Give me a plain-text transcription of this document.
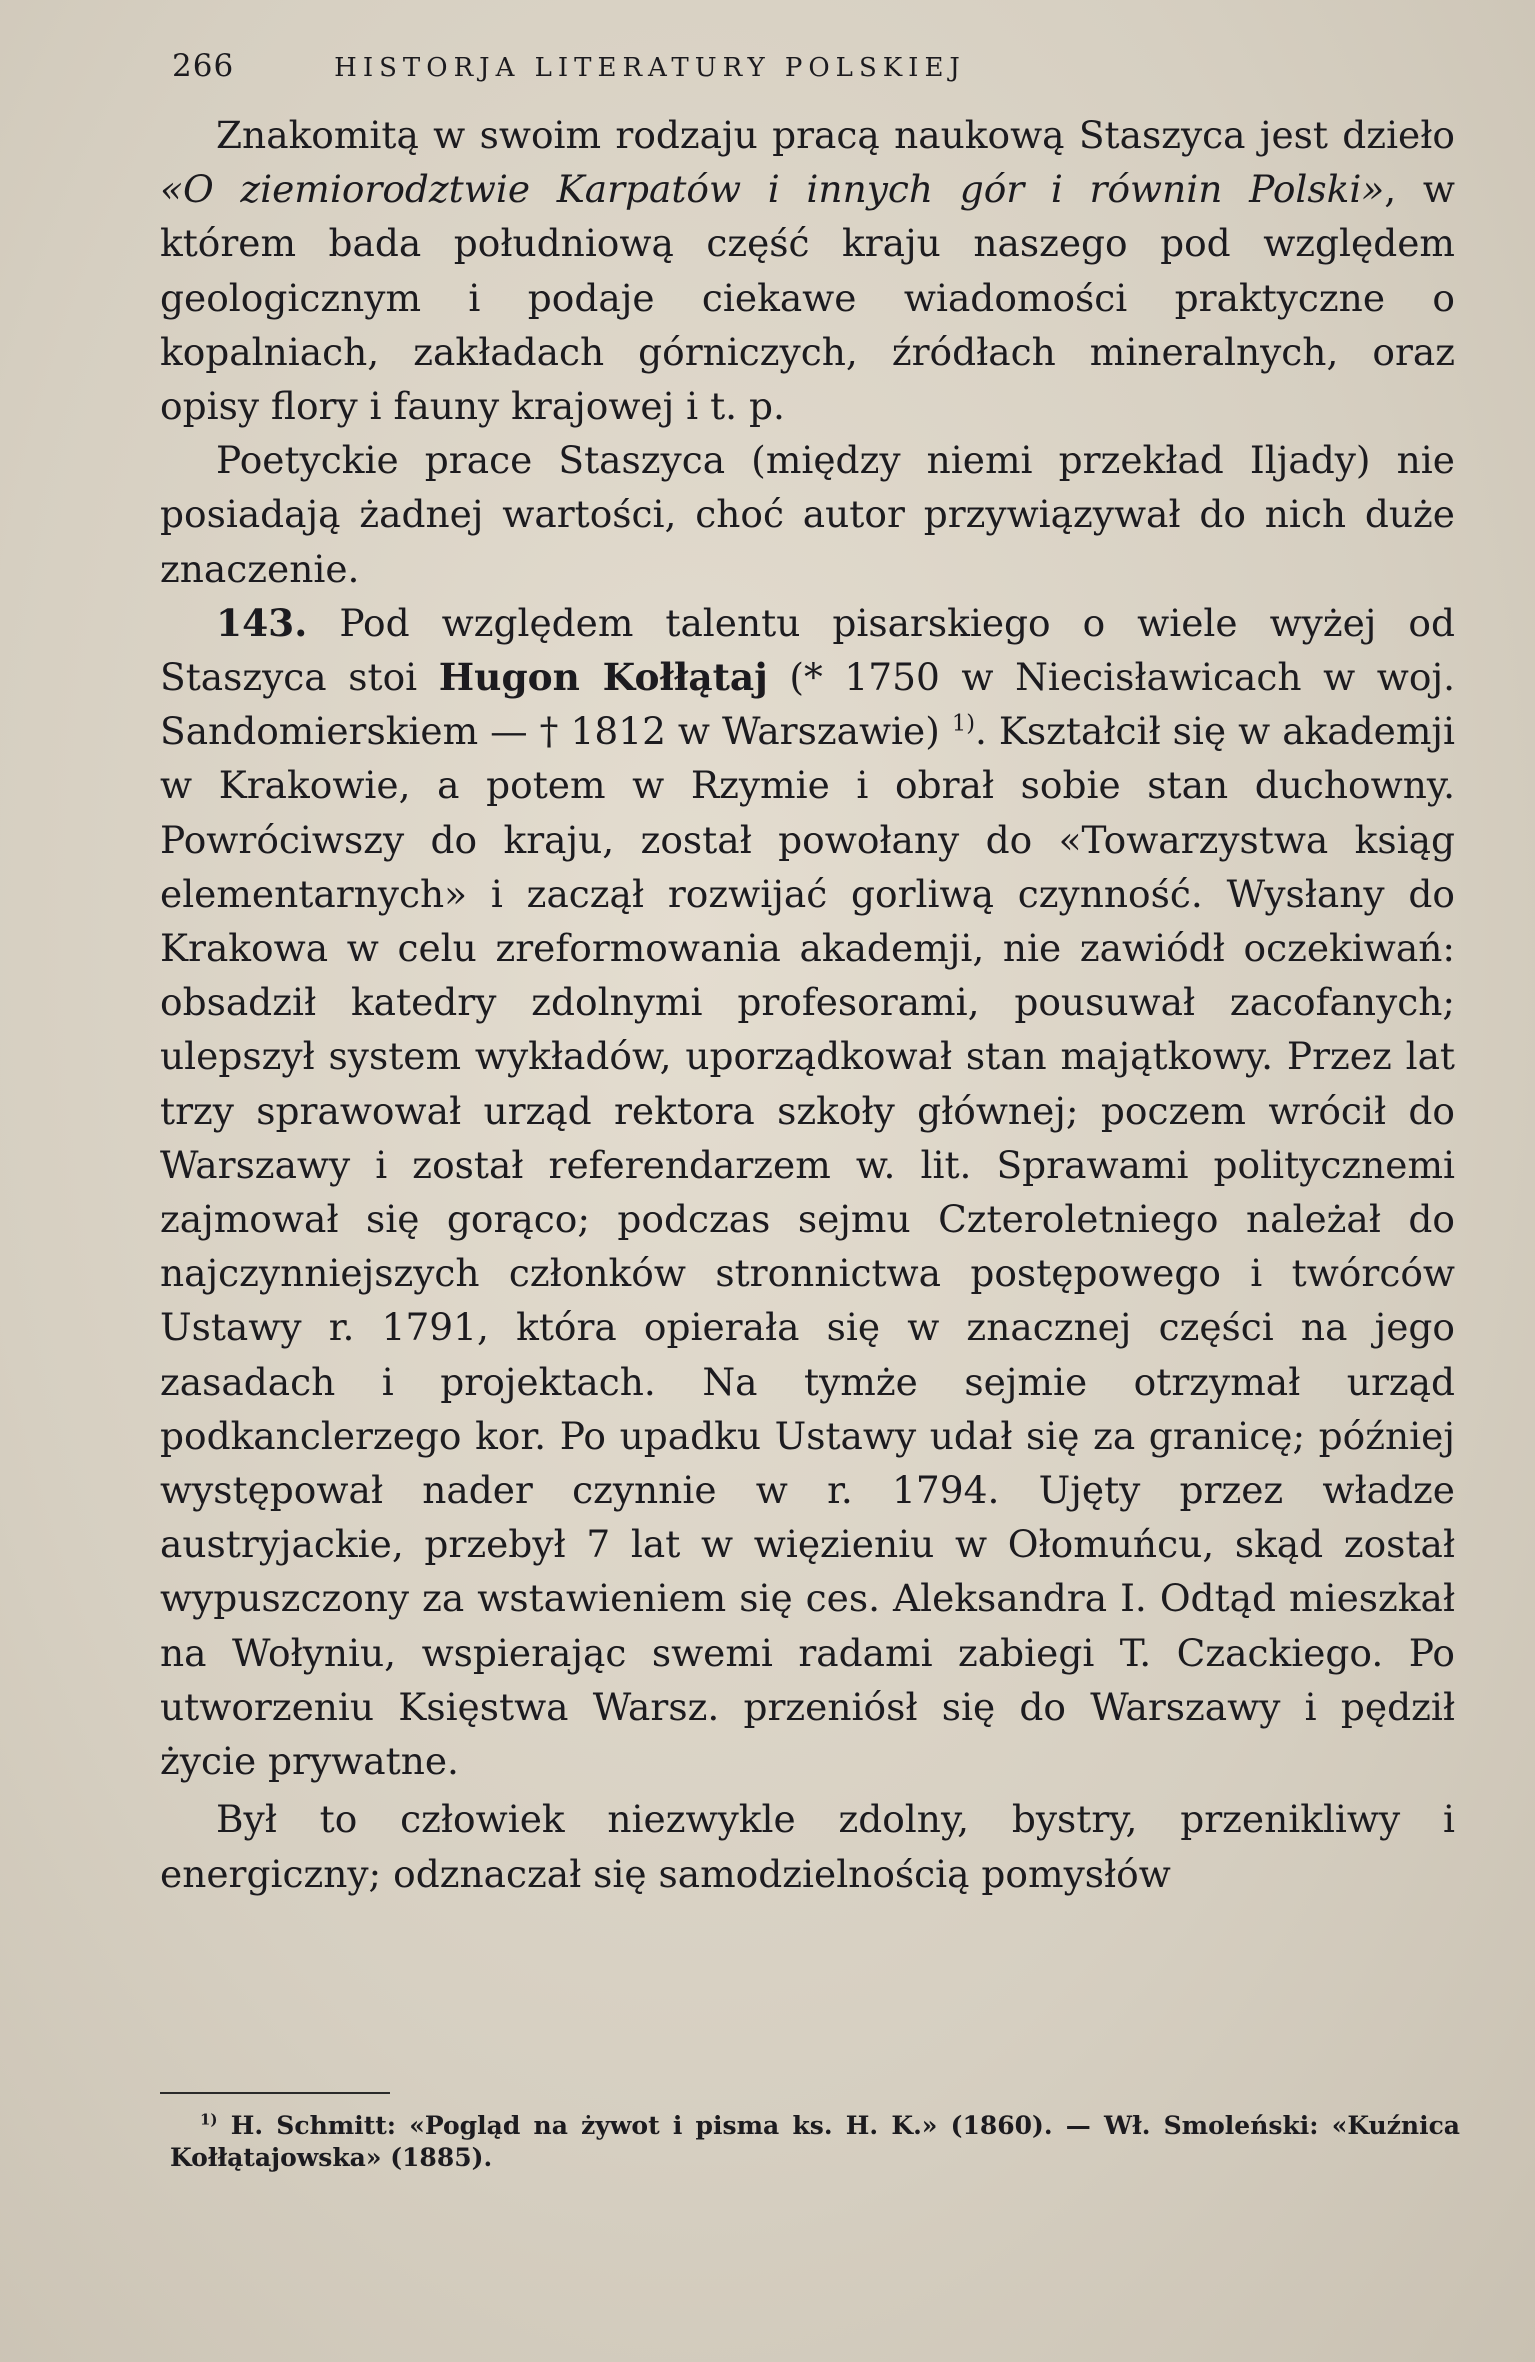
266	HISTORJA LITERATURY POLSKIEJ

Znakomitą w swoim rodzaju pracą naukową Staszyca jest dzieło «O ziemiorodztwie Karpatów i innych gór i równin Polski», w którem bada południową część kraju naszego pod względem geologicznym i podaje ciekawe wiadomości praktyczne o kopalniach, zakładach górniczych, źródłach mineralnych, oraz opisy flory i fauny krajowej i t. p.

Poetyckie prace Staszyca (między niemi przekład Iljady) nie posiadają żadnej wartości, choć autor przywiązywał do nich duże znaczenie.

143. Pod względem talentu pisarskiego o wiele wyżej od Staszyca stoi Hugon Kołłątaj (* 1750 w Niecisławicach w woj. Sandomierskiem — † 1812 w Warszawie) $^{1)}$. Kształcił się w akademji w Krakowie, a potem w Rzymie i obrał sobie stan duchowny. Powróciwszy do kraju, został powołany do «Towarzystwa ksiąg elementarnych» i zaczął rozwijać gorliwą czynność. Wysłany do Krakowa w celu zreformowania akademji, nie zawiódł oczekiwań: obsadził katedry zdolnymi profesorami, pousuwał zacofanych; ulepszył system wykładów, uporządkował stan majątkowy. Przez lat trzy sprawował urząd rektora szkoły głównej; poczem wrócił do Warszawy i został referendarzem w. lit. Sprawami politycznemi zajmował się gorąco; podczas sejmu Czteroletniego należał do najczynniejszych członków stronnictwa postępowego i twórców Ustawy r. 1791, która opierała się w znacznej części na jego zasadach i projektach. Na tymże sejmie otrzymał urząd podkanclerzego kor. Po upadku Ustawy udał się za granicę; później występował nader czynnie w r. 1794. Ujęty przez władze austryjackie, przebył 7 lat w więzieniu w Ołomuńcu, skąd został wypuszczony za wstawieniem się ces. Aleksandra I. Odtąd mieszkał na Wołyniu, wspierając swemi radami zabiegi T. Czackiego. Po utworzeniu Księstwa Warsz. przeniósł się do Warszawy i pędził życie prywatne.

Był to człowiek niezwykle zdolny, bystry, przenikliwy i energiczny; odznaczał się samodzielnością pomysłów

$^{1)}$ H. Schmitt: «Pogląd na żywot i pisma ks. H. K.» (1860). — Wł. Smoleński: «Kuźnica Kołłątajowska» (1885).
